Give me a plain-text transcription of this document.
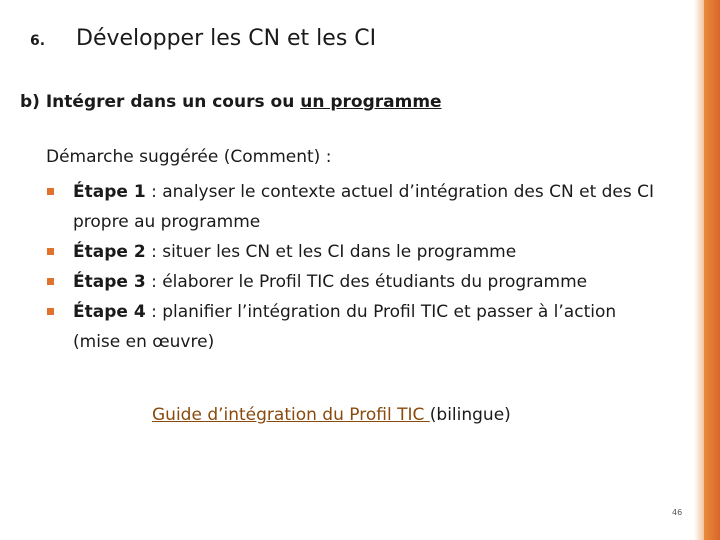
6.	Développer les CN et les CI
b) Intégrer dans un cours ou un programme
Démarche suggérée (Comment) :
Étape 1 : analyser le contexte actuel d’intégration des CN et des CI propre au programme
Étape 2 : situer les CN et les CI dans le programme
Étape 3 : élaborer le Profil TIC des étudiants du programme
Étape 4 : planifier l’intégration du Profil TIC et passer à l’action (mise en œuvre)
Guide d’intégration du Profil TIC (bilingue)
46
